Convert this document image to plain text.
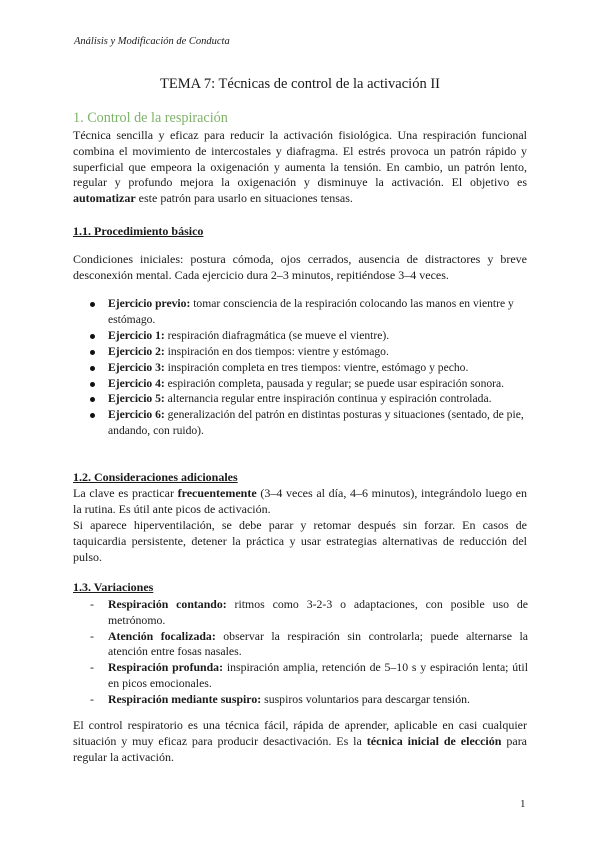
Análisis y Modificación de Conducta
TEMA 7: Técnicas de control de la activación II
1. Control de la respiración
Técnica sencilla y eficaz para reducir la activación fisiológica. Una respiración funcional combina el movimiento de intercostales y diafragma. El estrés provoca un patrón rápido y superficial que empeora la oxigenación y aumenta la tensión. En cambio, un patrón lento, regular y profundo mejora la oxigenación y disminuye la activación. El objetivo es automatizar este patrón para usarlo en situaciones tensas.
1.1. Procedimiento básico
Condiciones iniciales: postura cómoda, ojos cerrados, ausencia de distractores y breve desconexión mental. Cada ejercicio dura 2–3 minutos, repitiéndose 3–4 veces.
Ejercicio previo: tomar consciencia de la respiración colocando las manos en vientre y estómago.
Ejercicio 1: respiración diafragmática (se mueve el vientre).
Ejercicio 2: inspiración en dos tiempos: vientre y estómago.
Ejercicio 3: inspiración completa en tres tiempos: vientre, estómago y pecho.
Ejercicio 4: espiración completa, pausada y regular; se puede usar espiración sonora.
Ejercicio 5: alternancia regular entre inspiración continua y espiración controlada.
Ejercicio 6: generalización del patrón en distintas posturas y situaciones (sentado, de pie, andando, con ruido).
1.2. Consideraciones adicionales
La clave es practicar frecuentemente (3–4 veces al día, 4–6 minutos), integrándolo luego en la rutina. Es útil ante picos de activación.
Si aparece hiperventilación, se debe parar y retomar después sin forzar. En casos de taquicardia persistente, detener la práctica y usar estrategias alternativas de reducción del pulso.
1.3. Variaciones
- Respiración contando: ritmos como 3-2-3 o adaptaciones, con posible uso de metrónomo.
- Atención focalizada: observar la respiración sin controlarla; puede alternarse la atención entre fosas nasales.
- Respiración profunda: inspiración amplia, retención de 5–10 s y espiración lenta; útil en picos emocionales.
- Respiración mediante suspiro: suspiros voluntarios para descargar tensión.
El control respiratorio es una técnica fácil, rápida de aprender, aplicable en casi cualquier situación y muy eficaz para producir desactivación. Es la técnica inicial de elección para regular la activación.
1
